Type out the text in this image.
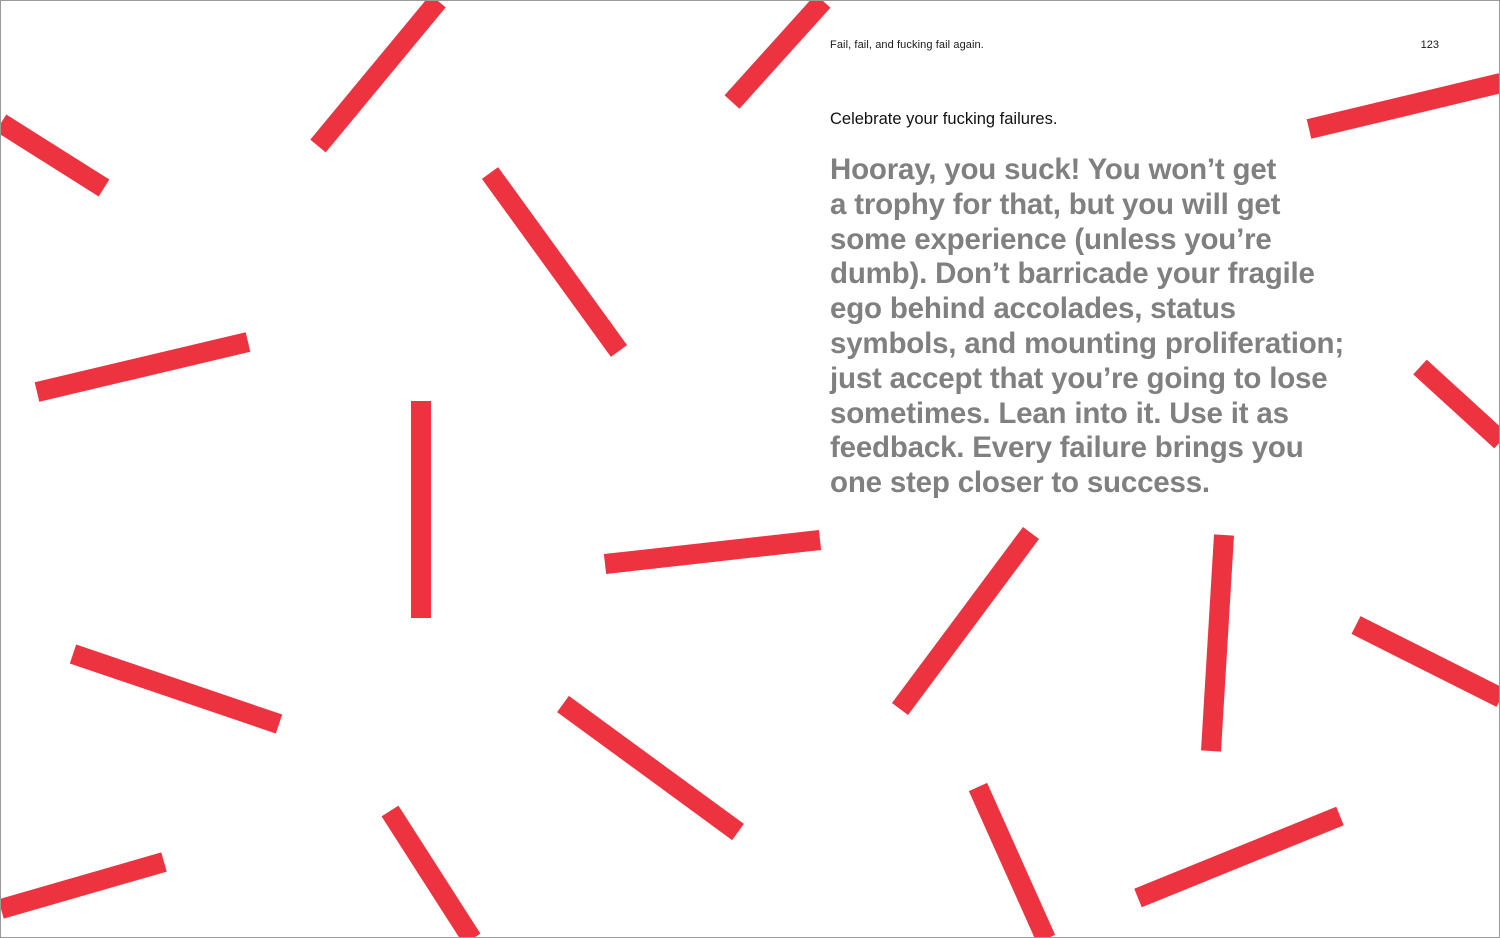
Fail, fail, and fucking fail again.	123
Celebrate your fucking failures.

Hooray, you suck! You won’t get
a trophy for that, but you will get
some experience (unless you’re
dumb). Don’t barricade your fragile
ego behind accolades, status
symbols, and mounting proliferation;
just accept that you’re going to lose
sometimes. Lean into it. Use it as
feedback. Every failure brings you
one step closer to success.
